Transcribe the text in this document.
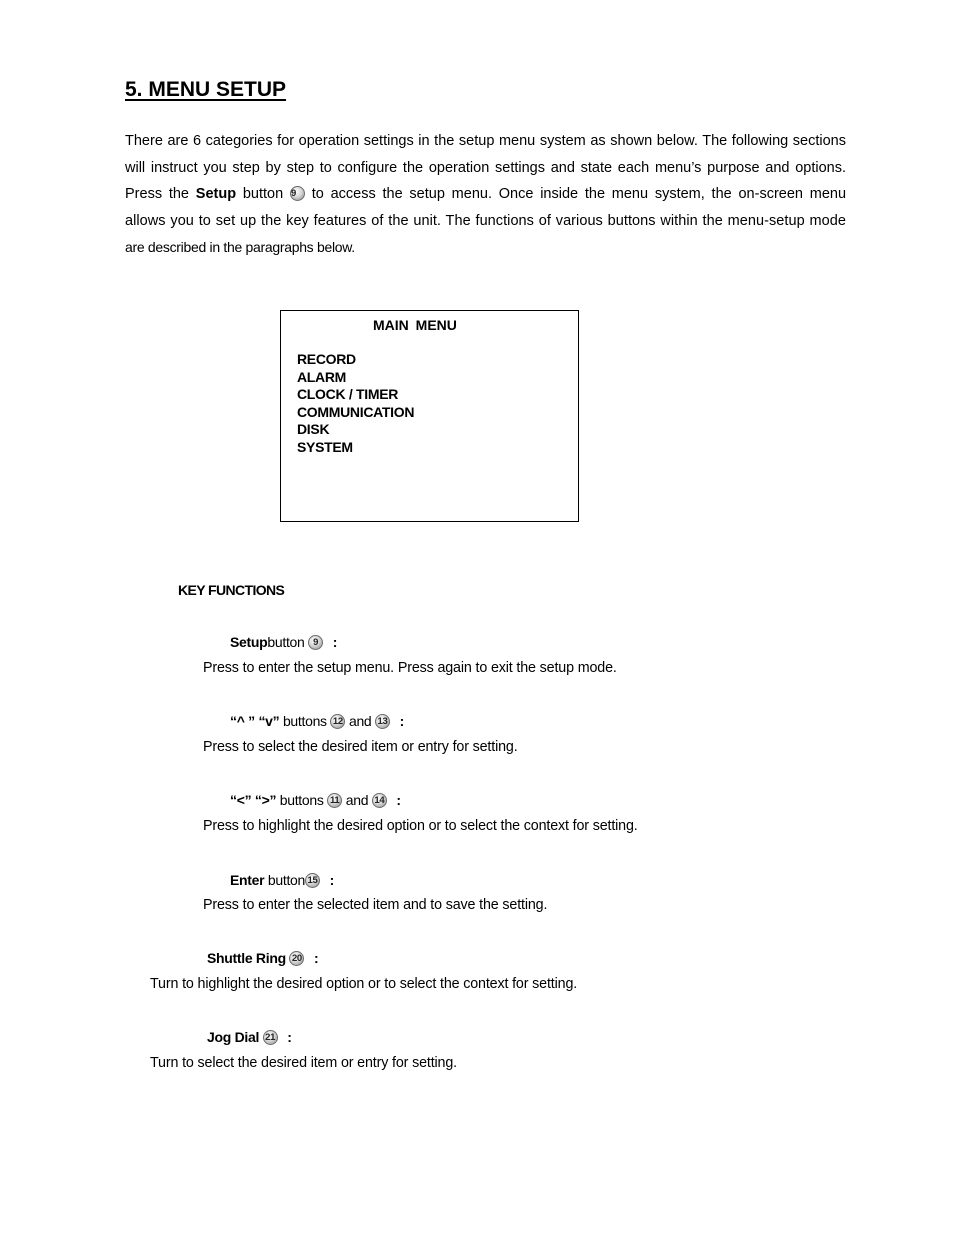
5. MENU SETUP

There are 6 categories for operation settings in the setup menu system as shown below. The following sections

will instruct you step by step to configure the operation settings and state each menu’s purpose and options.

Press the Setup button 9 to access the setup menu. Once inside the menu system, the on-screen menu

allows you to set up the key features of the unit. The functions of various buttons within the menu-setup mode

are described in the paragraphs below.

MAIN MENU
RECORD
ALARM
CLOCK / TIMER
COMMUNICATION
DISK
SYSTEM
KEY FUNCTIONS
Setupbutton 9 :
Press to enter the setup menu. Press again to exit the setup mode.
“^ ” “v” buttons 12 and 13 :
Press to select the desired item or entry for setting.
“<” “>” buttons 11 and 14 :
Press to highlight the desired option or to select the context for setting.
Enter button 15 :
Press to enter the selected item and to save the setting.
Shuttle Ring 20 :
Turn to highlight the desired option or to select the context for setting.
Jog Dial 21 :
Turn to select the desired item or entry for setting.
